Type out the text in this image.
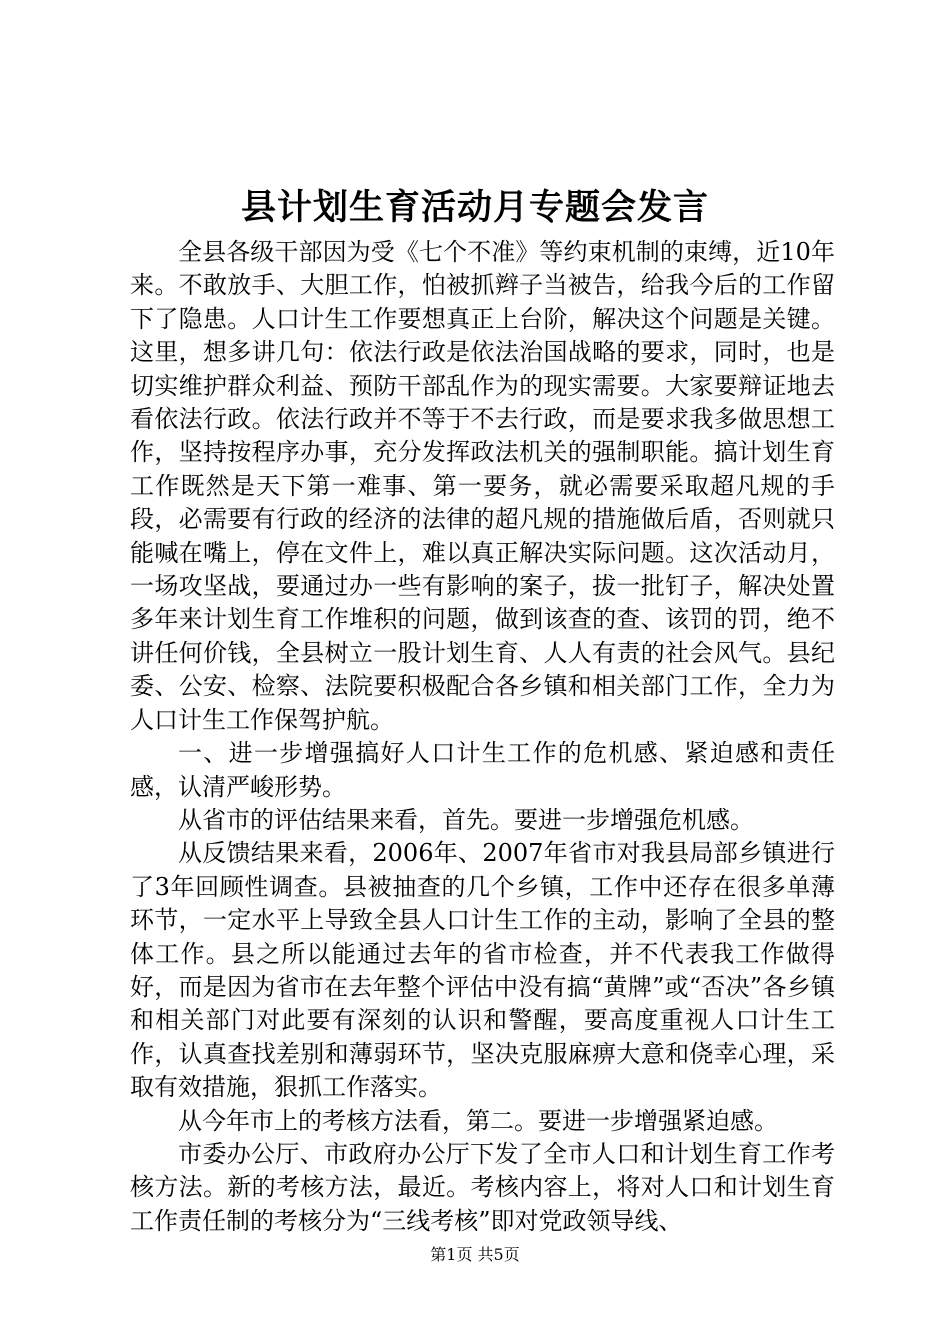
县计划生育活动月专题会发言

全县各级干部因为受《七个不准》等约束机制的束缚，近10年来。不敢放手、大胆工作，怕被抓辫子当被告，给我今后的工作留下了隐患。人口计生工作要想真正上台阶，解决这个问题是关键。这里，想多讲几句：依法行政是依法治国战略的要求，同时，也是切实维护群众利益、预防干部乱作为的现实需要。大家要辩证地去看依法行政。依法行政并不等于不去行政，而是要求我多做思想工作，坚持按程序办事，充分发挥政法机关的强制职能。搞计划生育工作既然是天下第一难事、第一要务，就必需要采取超凡规的手段，必需要有行政的经济的法律的超凡规的措施做后盾，否则就只能喊在嘴上，停在文件上，难以真正解决实际问题。这次活动月，一场攻坚战，要通过办一些有影响的案子，拔一批钉子，解决处置多年来计划生育工作堆积的问题，做到该查的查、该罚的罚，绝不讲任何价钱，全县树立一股计划生育、人人有责的社会风气。县纪委、公安、检察、法院要积极配合各乡镇和相关部门工作，全力为人口计生工作保驾护航。

一、进一步增强搞好人口计生工作的危机感、紧迫感和责任感，认清严峻形势。

从省市的评估结果来看，首先。要进一步增强危机感。

从反馈结果来看，2006年、2007年省市对我县局部乡镇进行了3年回顾性调查。县被抽查的几个乡镇，工作中还存在很多单薄环节，一定水平上导致全县人口计生工作的主动，影响了全县的整体工作。县之所以能通过去年的省市检查，并不代表我工作做得好，而是因为省市在去年整个评估中没有搞“黄牌”或“否决”各乡镇和相关部门对此要有深刻的认识和警醒，要高度重视人口计生工作，认真查找差别和薄弱环节，坚决克服麻痹大意和侥幸心理，采取有效措施，狠抓工作落实。

从今年市上的考核方法看，第二。要进一步增强紧迫感。

市委办公厅、市政府办公厅下发了全市人口和计划生育工作考核方法。新的考核方法，最近。考核内容上，将对人口和计划生育工作责任制的考核分为“三线考核”即对党政领导线、

第1页 共5页
